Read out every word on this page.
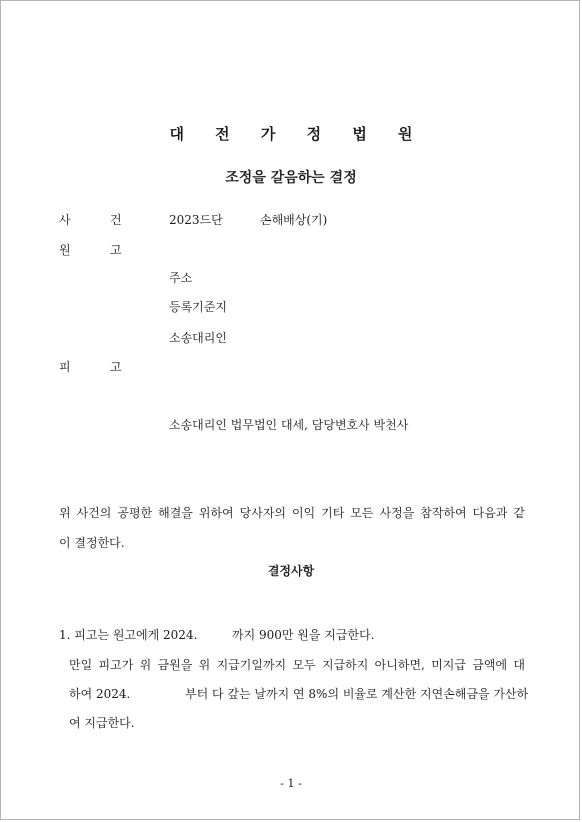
대 전 가 정 법 원
조정을 갈음하는 결정
사	건	2023드단	손해배상(기)
원	고
주소
등록기준지
소송대리인
피	고
소송대리인 법무법인 대세, 담당변호사 박천사
위 사건의 공평한 해결을 위하여 당사자의 이익 기타 모든 사정을 참작하여 다음과 같
이 결정한다.
결정사항
1. 피고는 원고에게 2024.	까지 900만 원을 지급한다.
만일 피고가 위 금원을 위 지급기일까지 모두 지급하지 아니하면, 미지급 금액에 대
하여 2024.	부터 다 갚는 날까지 연 8%의 비율로 계산한 지연손해금을 가산하
여 지급한다.
- 1 -
